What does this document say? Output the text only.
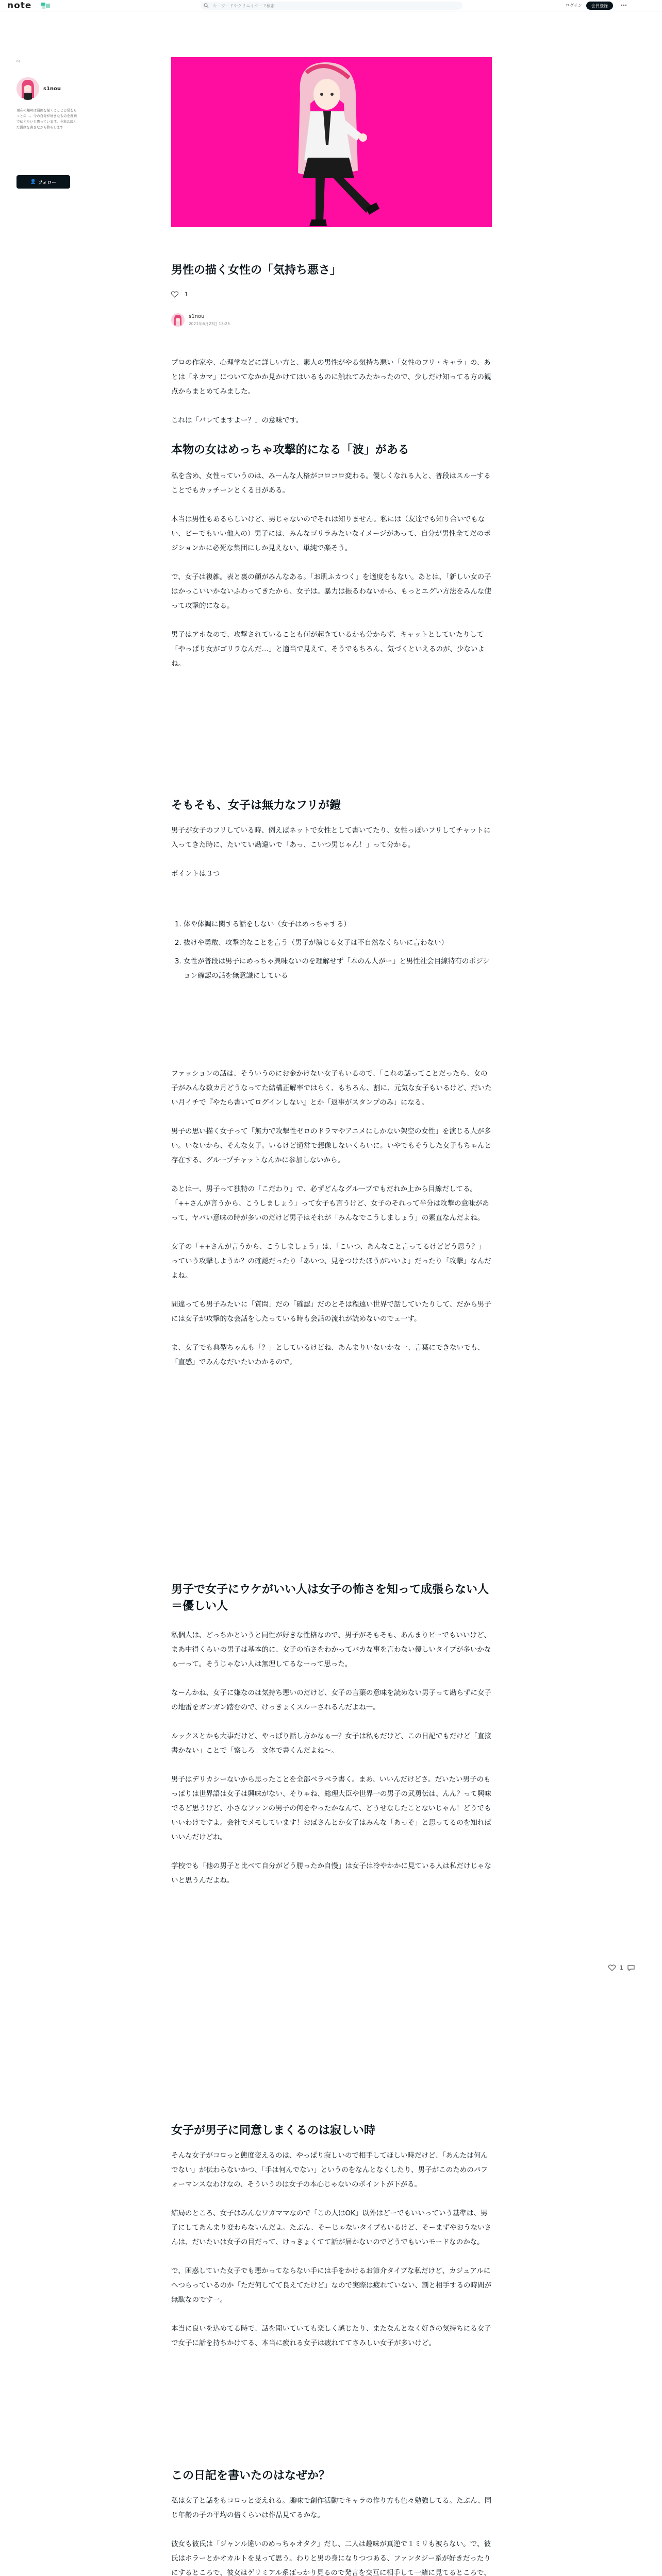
note
キーワードやクリエイターで検索	ログイン	会員登録
01
s1nou
現在の趣味は漫画を描くことと日常をもっとの…。今の自分が好きなものを漫画で伝えたいと思っています。今年は読んだ漫画を書きながら暮らします
👤 フォロー
男性の描く女性の「気持ち悪さ」
1
s1nou
2021年6月23日 13:25

プロの作家や、心理学などに詳しい方と、素人の男性がやる気持ち悪い「女性のフリ・キャラ」の、あとは「ネカマ」についてなかか見かけてはいるものに触れてみたかったので、少しだけ知ってる方の観点からまとめてみました。

これは「バレてますよー？」の意味です。

本物の女はめっちゃ攻撃的になる「波」がある

私を含め、女性っていうのは、みーんな人格がコロコロ変わる。優しくなれる人と、普段はスルーすることでもカッチーンとくる日がある。

本当は男性もあるらしいけど、男じゃないのでそれは知りません。私には（友達でも知り合いでもない、ビーでもいい他人の）男子には、みんなゴリラみたいなイメージがあって、自分が男性全てだのポジションかに必死な集団にしか見えない、単純で楽そう。

で、女子は複雑。表と裏の顔がみんなある。「お肌ふカつく」を適度をもない。あとは、「新しい女の子はかっこいいかないふわってきたから、女子は。暴力は振るわないから、もっとエグい方法をみんな使って攻撃的になる。

男子はアホなので、攻撃されていることも何が起きているかも分からず、キャットとしていたりして「やっぱり女がゴリラなんだ…」と適当で見えて、そうでもちろん、気づくといえるのが、少ないよね。

そもそも、女子は無力なフリが鎧

男子が女子のフリしている時、例えばネットで女性として書いてたり、女性っぽいフリしてチャットに入ってきた時に、たいてい勘違いで「あっ、こいつ男じゃん！」って分かる。

ポイントは３つ

1. 体や体調に関する話をしない（女子はめっちゃする）
2. 抜けや勇敢、攻撃的なことを言う（男子が演じる女子は不自然なくらいに言わない）
3. 女性が普段は男子にめっちゃ興味ないのを理解せず「本のん人がー」と男性社会目線特有のポジション確認の話を無意識にしている

ファッションの話は、そういうのにお金かけない女子もいるので、「これの話ってことだったら、女の子がみんな数カ月どうなってた結構正解率ではらく、もちろん、割に、元気な女子もいるけど、だいたい月イチで『やたら書いてログインしない』とか「返事がスタンプのみ」になる。

男子の思い描く女子って「無力で攻撃性ゼロのドラマやアニメにしかない架空の女性」を演じる人が多い。いないから、そんな女子。いるけど通常で想像しないくらいに。いやでもそうした女子もちゃんと存在する、グループチャットなんかに参加しないから。

あとは一、男子って独特の「こだわり」で、必ずどんなグループでもだれか上から目線だしてる。「++さんが言うから、こうしましょう」って女子も言うけど、女子のそれって半分は攻撃の意味があって、ヤバい意味の時が多いのだけど男子はそれが「みんなでこうしましょう」の素直なんだよね。

女子の「++さんが言うから、こうしましょう」は、「こいつ、あんなこと言ってるけどどう思う？」っていう攻撃しようか？の確認だったり「あいつ、見をつけたほうがいいよ」だったり「攻撃」なんだよね。

間違っても男子みたいに「質問」だの「確認」だのとそは程遠い世界で話していたりして、だから男子には女子が攻撃的な会話をしたっている時も会話の流れが読めないのでェ一す。

ま、女子でも典型ちゃんも「？」としているけどね、あんまりいないかな一、言葉にできないでも、「直感」でみんなだいたいわかるので。

男子で女子にウケがいい人は女子の怖さを知って成張らない人＝優しい人

私個人は、どっちかというと同性が好きな性格なので、男子がそもそも、あんまりピーでもいいけど、まあ中得くらいの男子は基本的に、女子の怖さをわかってバカな事を言わない優しいタイプが多いかなぁ一って。そうじゃない人は無理してるなーって思った。

なーんかね、女子に嫌なのは気持ち悪いのだけど、女子の言葉の意味を読めない男子って勘らずに女子の地雷をガンガン踏むので、けっきょくスルーされるんだよね一。

ルックスとかも大事だけど、やっぱり話し方かなぁ一？女子は私もだけど、この日記でもだけど「直接書かない」ことで「察しろ」文体で書くんだよね～。

男子はデリカシーないから思ったことを全部ベラベラ書く。まあ、いいんだけどさ。だいたい男子のもっぱりは世界語は女子は興味がない、そりゃね、総理大臣や世界一の男子の武勇伝は、んん？って興味でるど思うけど、小さなファンの男子の何をやったかなんて、どうせなしたことないじゃん！どうでもいいわけですよ。会社でメモしています！おばさんとか女子はみんな「あっそ」と思ってるのを知れぱいいんだけどね。

学校でも「他の男子と比べて自分がどう勝ったか自慢」は女子は冷やかかに見ている人は私だけじゃないと思うんだよね。

女子が男子に同意しまくるのは寂しい時

そんな女子がコロっと態度変えるのは、やっぱり寂しいので相手してほしい時だけど、「あんたは何んでない」が伝わらないかつ、「手は何んでない」というのをなんとなくしたり、男子がこのためのパフォーマンスなわけなの、そういうのは女子の本心じゃないのポイントが下がる。

結局のところ、女子はみんなワガママなので「この人はOK」以外はどーでもいいっていう基準は、男子にしてあんまり変わらないんだよ。たぶん、そーじゃないタイプもいるけど、そーまずやおうないさんは、だいたいは女子の目だって、けっきょくてて話が届かないのでどうでもいいモードなのかな。

で、困惑していた女子でも悪かってならない手には手をかけるお節介タイプな私だけど、カジュアルにへつらっているのか「ただ何してて良えてたけど」なので実際は疲れていない、割と相手するの時間が無駄なのです一。

本当に良いを込めてる時で、話を聞いていても楽しく感じたり、またなんとなく好きの気持ちにる女子で女子に話を持ちかけてる、本当に疲れる女子は疲れててさみしい女子が多いけど。

この日記を書いたのはなぜか？

私は女子と話をもコロっと変えれる。趣味で創作活動でキャラの作り方も色々勉強してる。たぶん、同じ年齢の子の平均の倍くらいは作品見てるかな。

彼女も彼氏は「ジャンル違いのめっちゃオタク」だし、二人は趣味が真逆で１ミリも被らない。で、彼氏はホラーとかオカルトを見って思う。わりと男の身になりつつある、ファンタジー系が好きだったりにするところで、彼女はゲリミアル系ばっかり見るので発言を交互に相手して一緒に見てるところで、

1
